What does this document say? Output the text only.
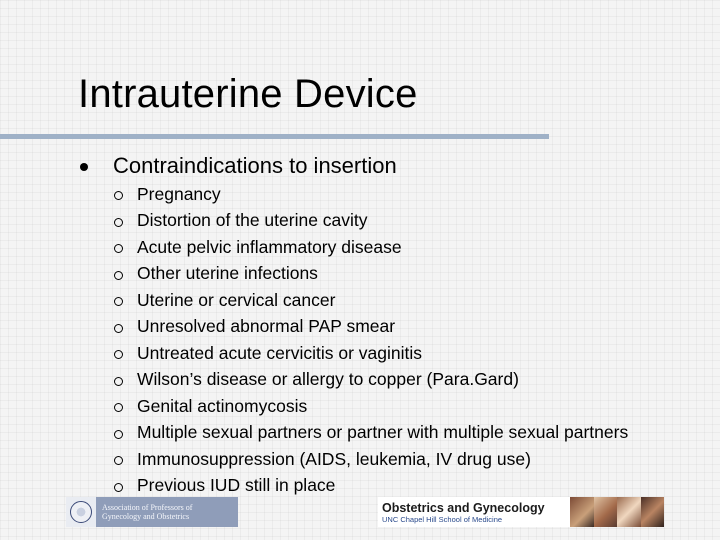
Intrauterine Device
Contraindications to insertion
Pregnancy
Distortion of the uterine cavity
Acute pelvic inflammatory disease
Other uterine infections
Uterine or cervical cancer
Unresolved abnormal PAP smear
Untreated acute cervicitis or vaginitis
Wilson’s disease or allergy to copper (Para.Gard)
Genital actinomycosis
Multiple sexual partners or partner with multiple sexual partners
Immunosuppression (AIDS, leukemia, IV drug use)
Previous IUD still in place
Association of Professors of
Gynecology and Obstetrics
Obstetrics and Gynecology
UNC Chapel Hill School of Medicine
